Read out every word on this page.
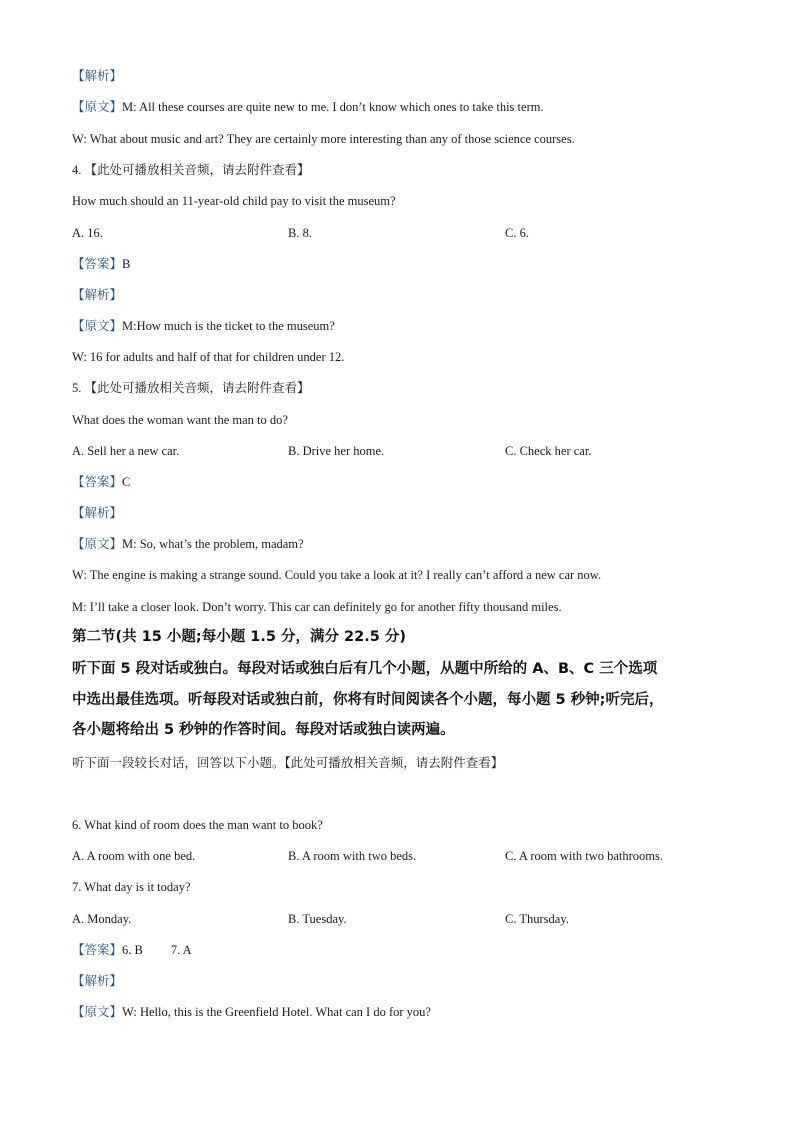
【解析】
【原文】M: All these courses are quite new to me. I don’t know which ones to take this term.
W: What about music and art? They are certainly more interesting than any of those science courses.
4. 【此处可播放相关音频，请去附件查看】
How much should an 11-year-old child pay to visit the museum?
A. 16.	B. 8.	C. 6.
【答案】B
【解析】
【原文】M:How much is the ticket to the museum?
W: 16 for adults and half of that for children under 12.
5. 【此处可播放相关音频，请去附件查看】
What does the woman want the man to do?
A. Sell her a new car.	B. Drive her home.	C. Check her car.
【答案】C
【解析】
【原文】M: So, what’s the problem, madam?
W: The engine is making a strange sound. Could you take a look at it? I really can’t afford a new car now.
M: I’ll take a closer look. Don’t worry. This car can definitely go for another fifty thousand miles.
第二节(共 15 小题;每小题 1.5 分，满分 22.5 分)
听下面 5 段对话或独白。每段对话或独白后有几个小题，从题中所给的 A、B、C 三个选项
中选出最佳选项。听每段对话或独白前，你将有时间阅读各个小题，每小题 5 秒钟;听完后，
各小题将给出 5 秒钟的作答时间。每段对话或独白读两遍。
听下面一段较长对话，回答以下小题。【此处可播放相关音频，请去附件查看】
6. What kind of room does the man want to book?
A. A room with one bed.	B. A room with two beds.	C. A room with two bathrooms.
7. What day is it today?
A. Monday.	B. Tuesday.	C. Thursday.
【答案】6. B 7. A
【解析】
【原文】W: Hello, this is the Greenfield Hotel. What can I do for you?
